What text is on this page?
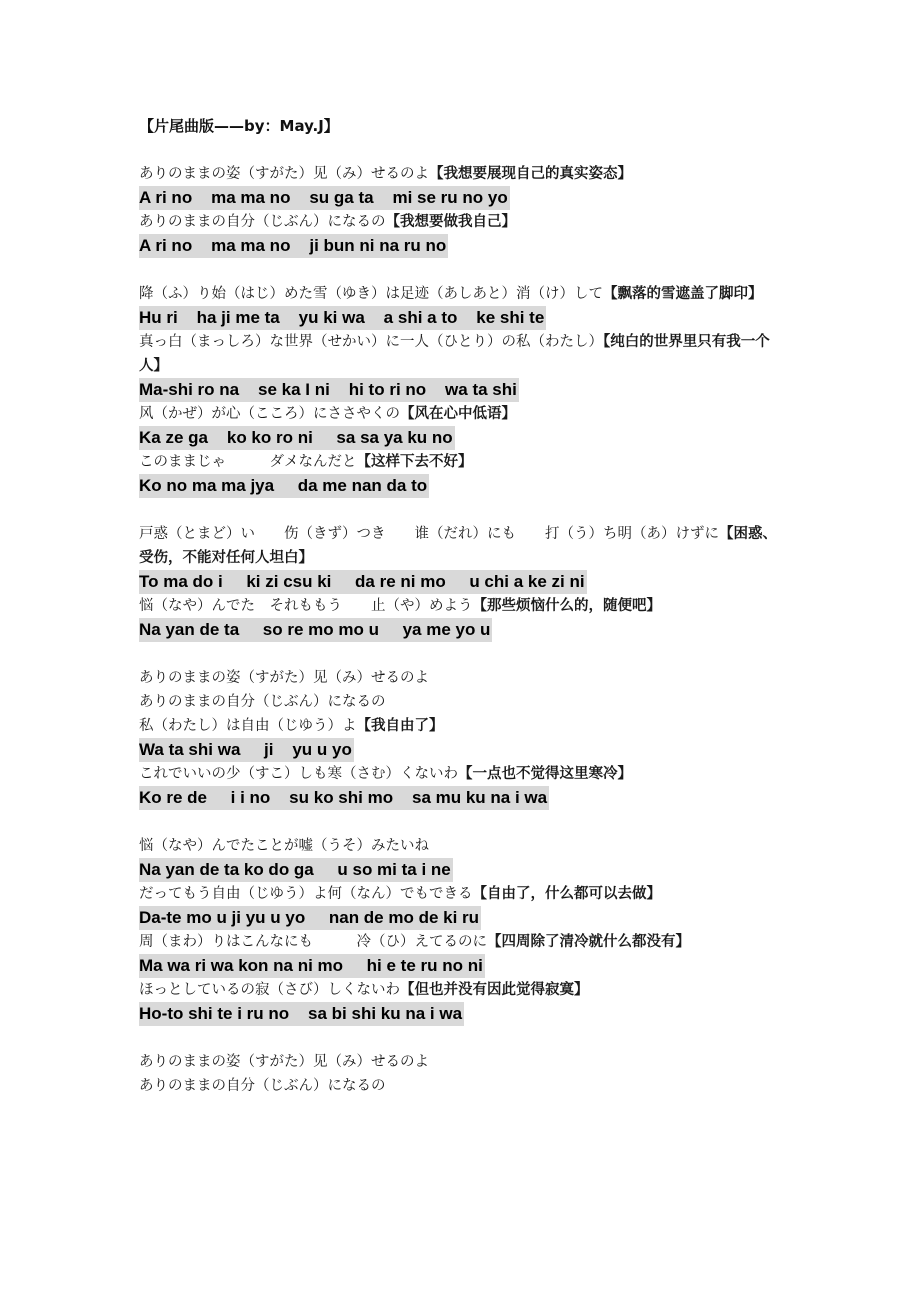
【片尾曲版——by：May.J】
ありのままの姿（すがた）见（み）せるのよ【我想要展现自己的真实姿态】
A ri no    ma ma no    su ga ta    mi se ru no yo
ありのままの自分（じぶん）になるの【我想要做我自己】
A ri no    ma ma no    ji bun ni na ru no
降（ふ）り始（はじ）めた雪（ゆき）は足迹（あしあと）消（け）して【飘落的雪遮盖了脚印】
Hu ri    ha ji me ta    yu ki wa    a shi a to    ke shi te
真っ白（まっしろ）な世界（せかい）に一人（ひとり）の私（わたし）【纯白的世界里只有我一个人】
Ma-shi ro na    se ka I ni    hi to ri no    wa ta shi
风（かぜ）が心（こころ）にささやくの【风在心中低语】
Ka ze ga    ko ko ro ni     sa sa ya ku no
このままじゃ　　　ダメなんだと【这样下去不好】
Ko no ma ma jya     da me nan da to
戸惑（とまど）い　　伤（きず）つき　　谁（だれ）にも　　打（う）ち明（あ）けずに【困惑、受伤，不能对任何人坦白】
To ma do i     ki zi csu ki     da re ni mo     u chi a ke zi ni
悩（なや）んでた　それももう　　止（や）めよう【那些烦恼什么的，随便吧】
Na yan de ta     so re mo mo u     ya me yo u
ありのままの姿（すがた）见（み）せるのよ
ありのままの自分（じぶん）になるの
私（わたし）は自由（じゆう）よ【我自由了】
Wa ta shi wa     ji    yu u yo
これでいいの少（すこ）しも寒（さむ）くないわ【一点也不觉得这里寒冷】
Ko re de     i i no    su ko shi mo    sa mu ku na i wa
悩（なや）んでたことが嘘（うそ）みたいね
Na yan de ta ko do ga     u so mi ta i ne
だってもう自由（じゆう）よ何（なん）でもできる【自由了，什么都可以去做】
Da-te mo u ji yu u yo     nan de mo de ki ru
周（まわ）りはこんなにも　　　冷（ひ）えてるのに【四周除了清冷就什么都没有】
Ma wa ri wa kon na ni mo     hi e te ru no ni
ほっとしているの寂（さび）しくないわ【但也并没有因此觉得寂寞】
Ho-to shi te i ru no    sa bi shi ku na i wa
ありのままの姿（すがた）见（み）せるのよ
ありのままの自分（じぶん）になるの
